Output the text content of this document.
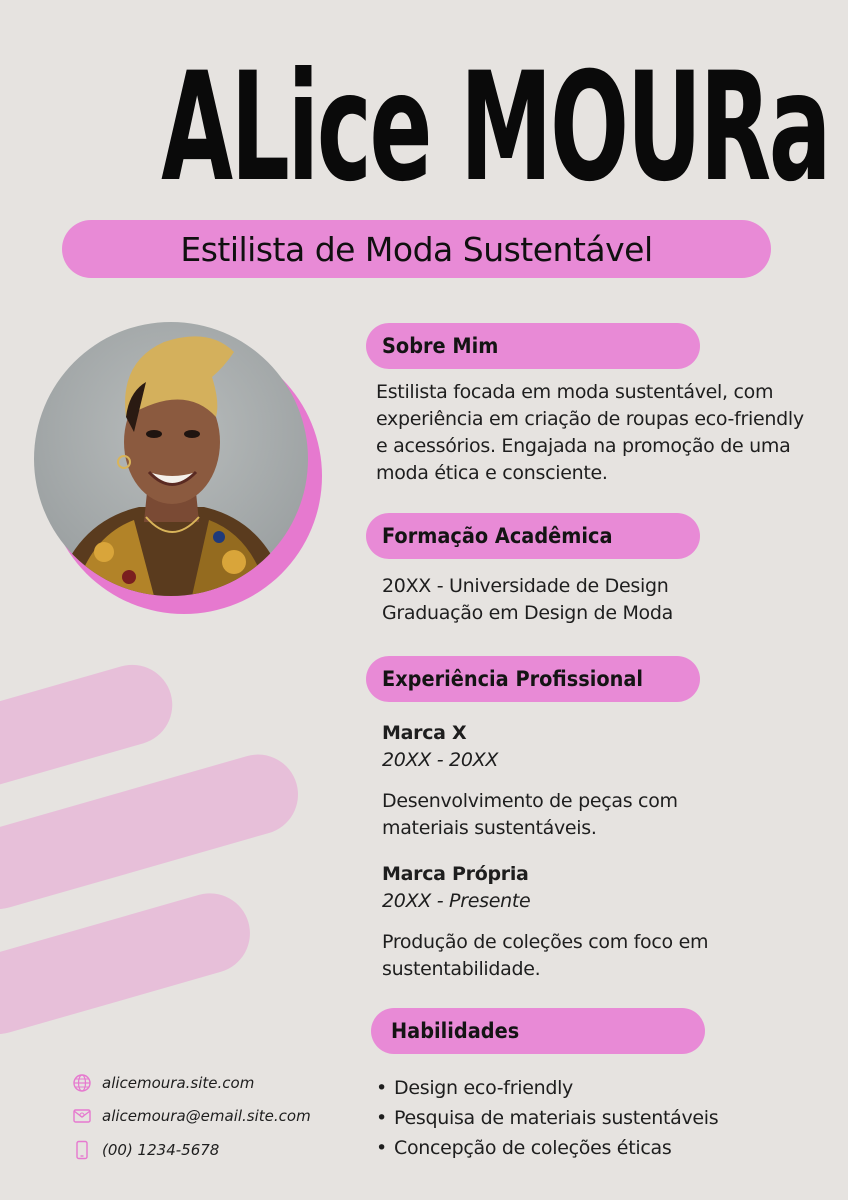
ALice MOURa
Estilista de Moda Sustentável
Sobre Mim
Estilista focada em moda sustentável, com
experiência em criação de roupas eco-friendly
e acessórios. Engajada na promoção de uma
moda ética e consciente.
Formação Acadêmica
20XX - Universidade de Design
Graduação em Design de Moda
Experiência Profissional
Marca X
20XX - 20XX
Desenvolvimento de peças com
materiais sustentáveis.
Marca Própria
20XX - Presente
Produção de coleções com foco em
sustentabilidade.
Habilidades
• Design eco-friendly
• Pesquisa de materiais sustentáveis
• Concepção de coleções éticas
alicemoura.site.com
alicemoura@email.site.com
(00) 1234-5678
